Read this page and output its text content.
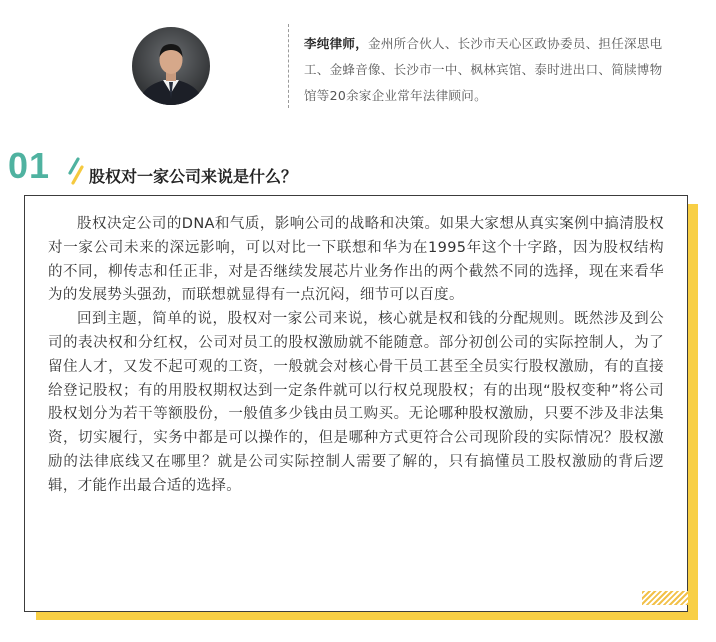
李纯律师，金州所合伙人、长沙市天心区政协委员、担任深思电工、金蜂音像、长沙市一中、枫林宾馆、泰时进出口、简牍博物馆等20余家企业常年法律顾问。
01 股权对一家公司来说是什么？

股权决定公司的DNA和气质，影响公司的战略和决策。如果大家想从真实案例中搞清股权对一家公司未来的深远影响，可以对比一下联想和华为在1995年这个十字路，因为股权结构的不同，柳传志和任正非，对是否继续发展芯片业务作出的两个截然不同的选择，现在来看华为的发展势头强劲，而联想就显得有一点沉闷，细节可以百度。

回到主题，简单的说，股权对一家公司来说，核心就是权和钱的分配规则。既然涉及到公司的表决权和分红权，公司对员工的股权激励就不能随意。部分初创公司的实际控制人，为了留住人才，又发不起可观的工资，一般就会对核心骨干员工甚至全员实行股权激励，有的直接给登记股权；有的用股权期权达到一定条件就可以行权兑现股权；有的出现“股权变种”将公司股权划分为若干等额股份，一般值多少钱由员工购买。无论哪种股权激励，只要不涉及非法集资，切实履行，实务中都是可以操作的，但是哪种方式更符合公司现阶段的实际情况？股权激励的法律底线又在哪里？就是公司实际控制人需要了解的，只有搞懂员工股权激励的背后逻辑，才能作出最合适的选择。
